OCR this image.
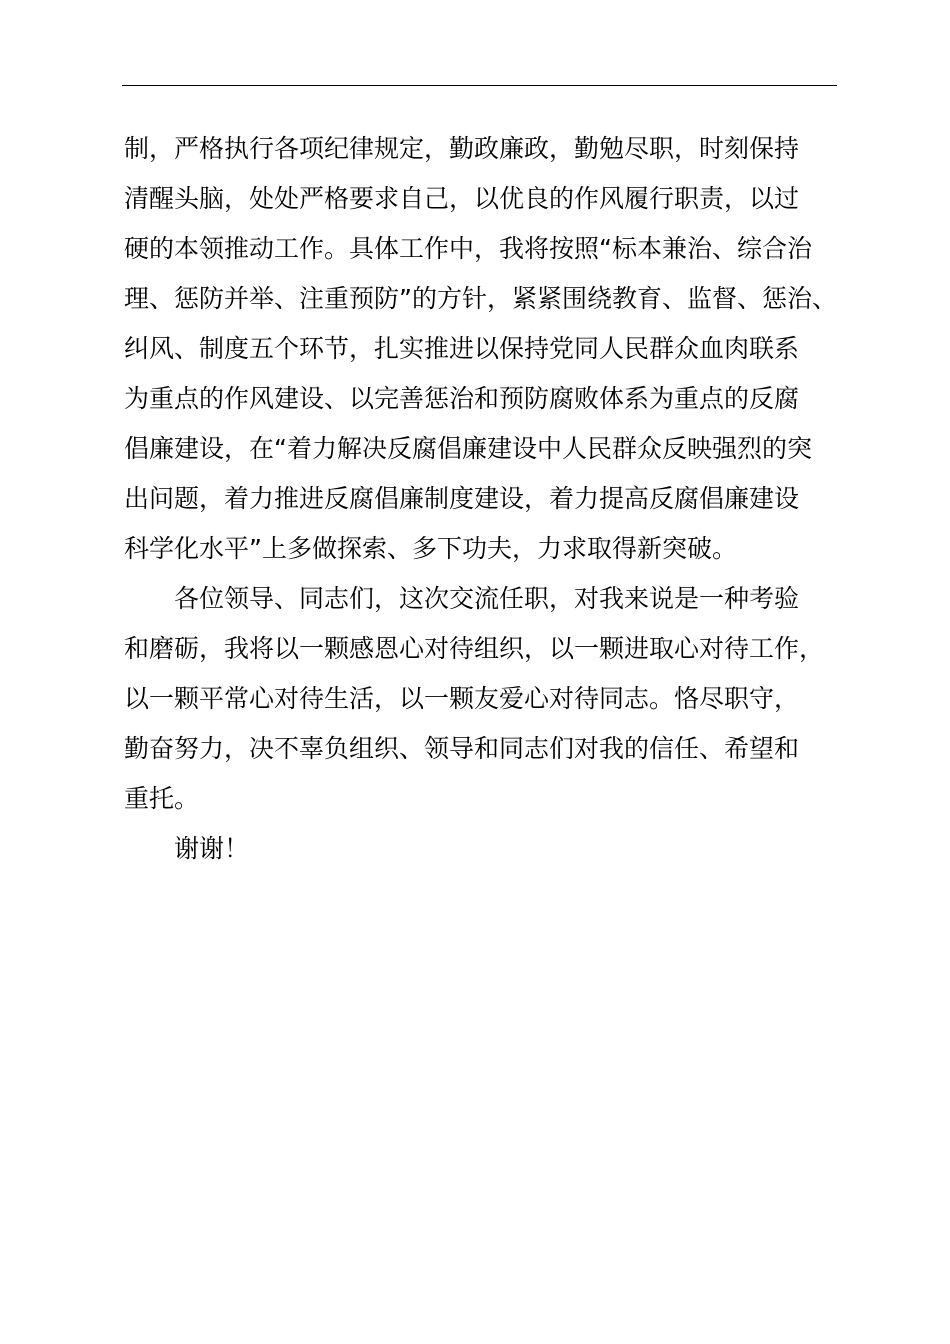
制，严格执行各项纪律规定，勤政廉政，勤勉尽职，时刻保持
清醒头脑，处处严格要求自己，以优良的作风履行职责，以过
硬的本领推动工作。具体工作中，我将按照“标本兼治、综合治
理、惩防并举、注重预防”的方针，紧紧围绕教育、监督、惩治、
纠风、制度五个环节，扎实推进以保持党同人民群众血肉联系
为重点的作风建设、以完善惩治和预防腐败体系为重点的反腐
倡廉建设，在“着力解决反腐倡廉建设中人民群众反映强烈的突
出问题，着力推进反腐倡廉制度建设，着力提高反腐倡廉建设
科学化水平”上多做探索、多下功夫，力求取得新突破。
各位领导、同志们，这次交流任职，对我来说是一种考验
和磨砺，我将以一颗感恩心对待组织，以一颗进取心对待工作，
以一颗平常心对待生活，以一颗友爱心对待同志。恪尽职守，
勤奋努力，决不辜负组织、领导和同志们对我的信任、希望和
重托。
谢谢！
